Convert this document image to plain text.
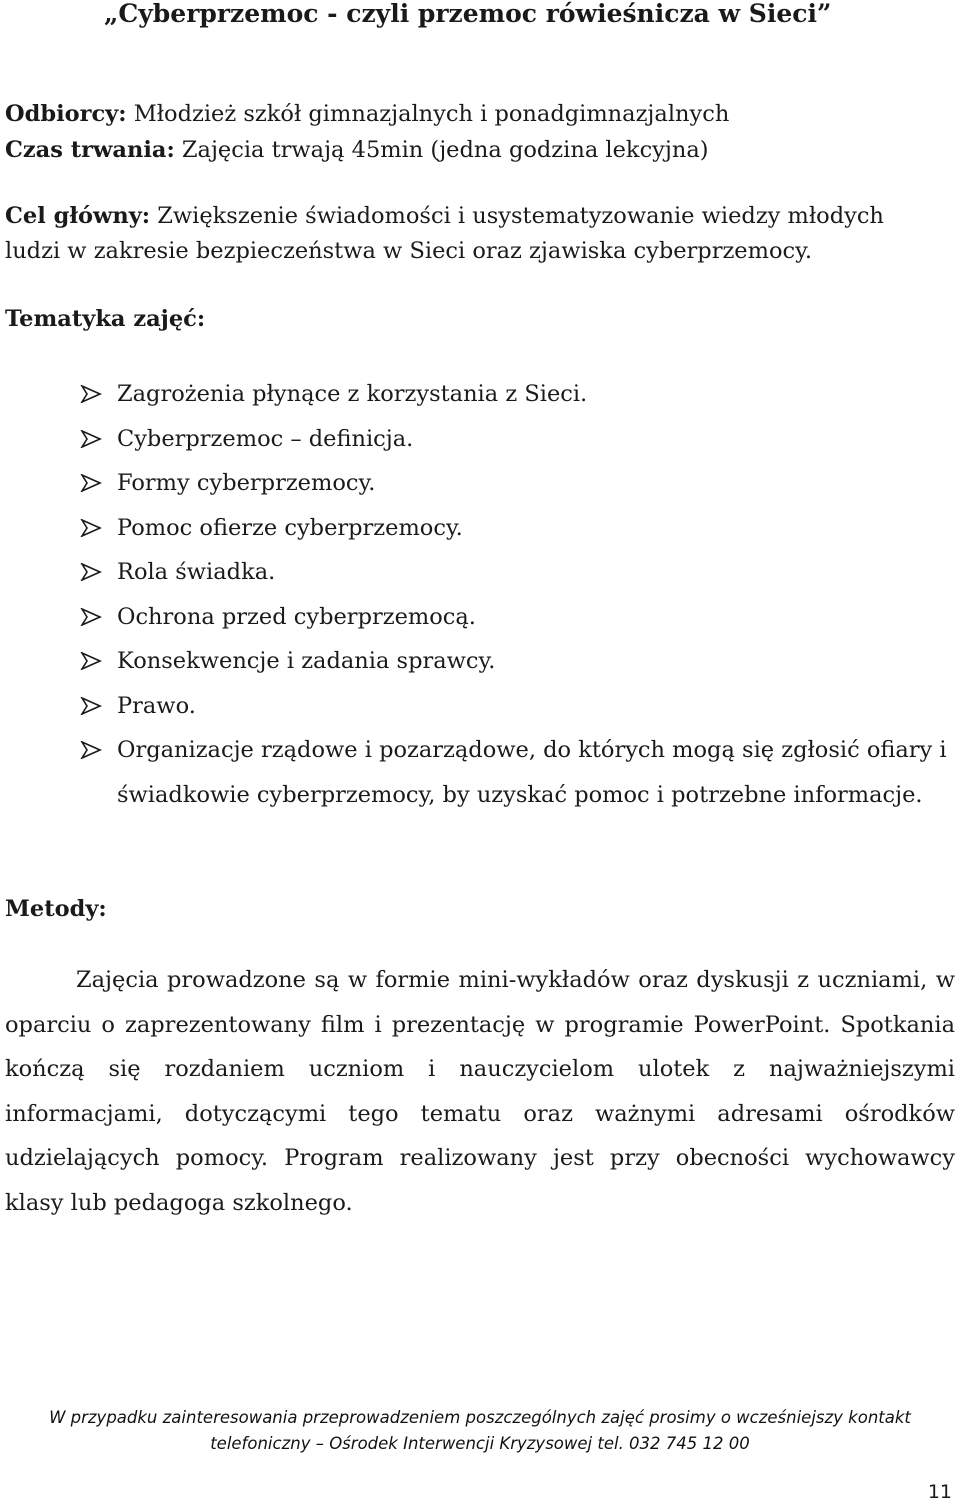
„Cyberprzemoc - czyli przemoc rówieśnicza w Sieci”
Odbiorcy: Młodzież szkół gimnazjalnych i ponadgimnazjalnych
Czas trwania: Zajęcia trwają 45min (jedna godzina lekcyjna)
Cel główny: Zwiększenie świadomości i usystematyzowanie wiedzy młodych
ludzi w zakresie bezpieczeństwa w Sieci oraz zjawiska cyberprzemocy.
Tematyka zajęć:
Zagrożenia płynące z korzystania z Sieci.
Cyberprzemoc – definicja.
Formy cyberprzemocy.
Pomoc ofierze cyberprzemocy.
Rola świadka.
Ochrona przed cyberprzemocą.
Konsekwencje i zadania sprawcy.
Prawo.
Organizacje rządowe i pozarządowe, do których mogą się zgłosić ofiary i świadkowie cyberprzemocy, by uzyskać pomoc i potrzebne informacje.
Metody:

Zajęcia prowadzone są w formie mini-wykładów oraz dyskusji z uczniami, w oparciu o zaprezentowany film i prezentację w programie PowerPoint. Spotkania kończą się rozdaniem uczniom i nauczycielom ulotek z najważniejszymi informacjami, dotyczącymi tego tematu oraz ważnymi adresami ośrodków udzielających pomocy. Program realizowany jest przy obecności wychowawcy klasy lub pedagoga szkolnego.

W przypadku zainteresowania przeprowadzeniem poszczególnych zajęć prosimy o wcześniejszy kontakt
telefoniczny – Ośrodek Interwencji Kryzysowej tel. 032 745 12 00
11
